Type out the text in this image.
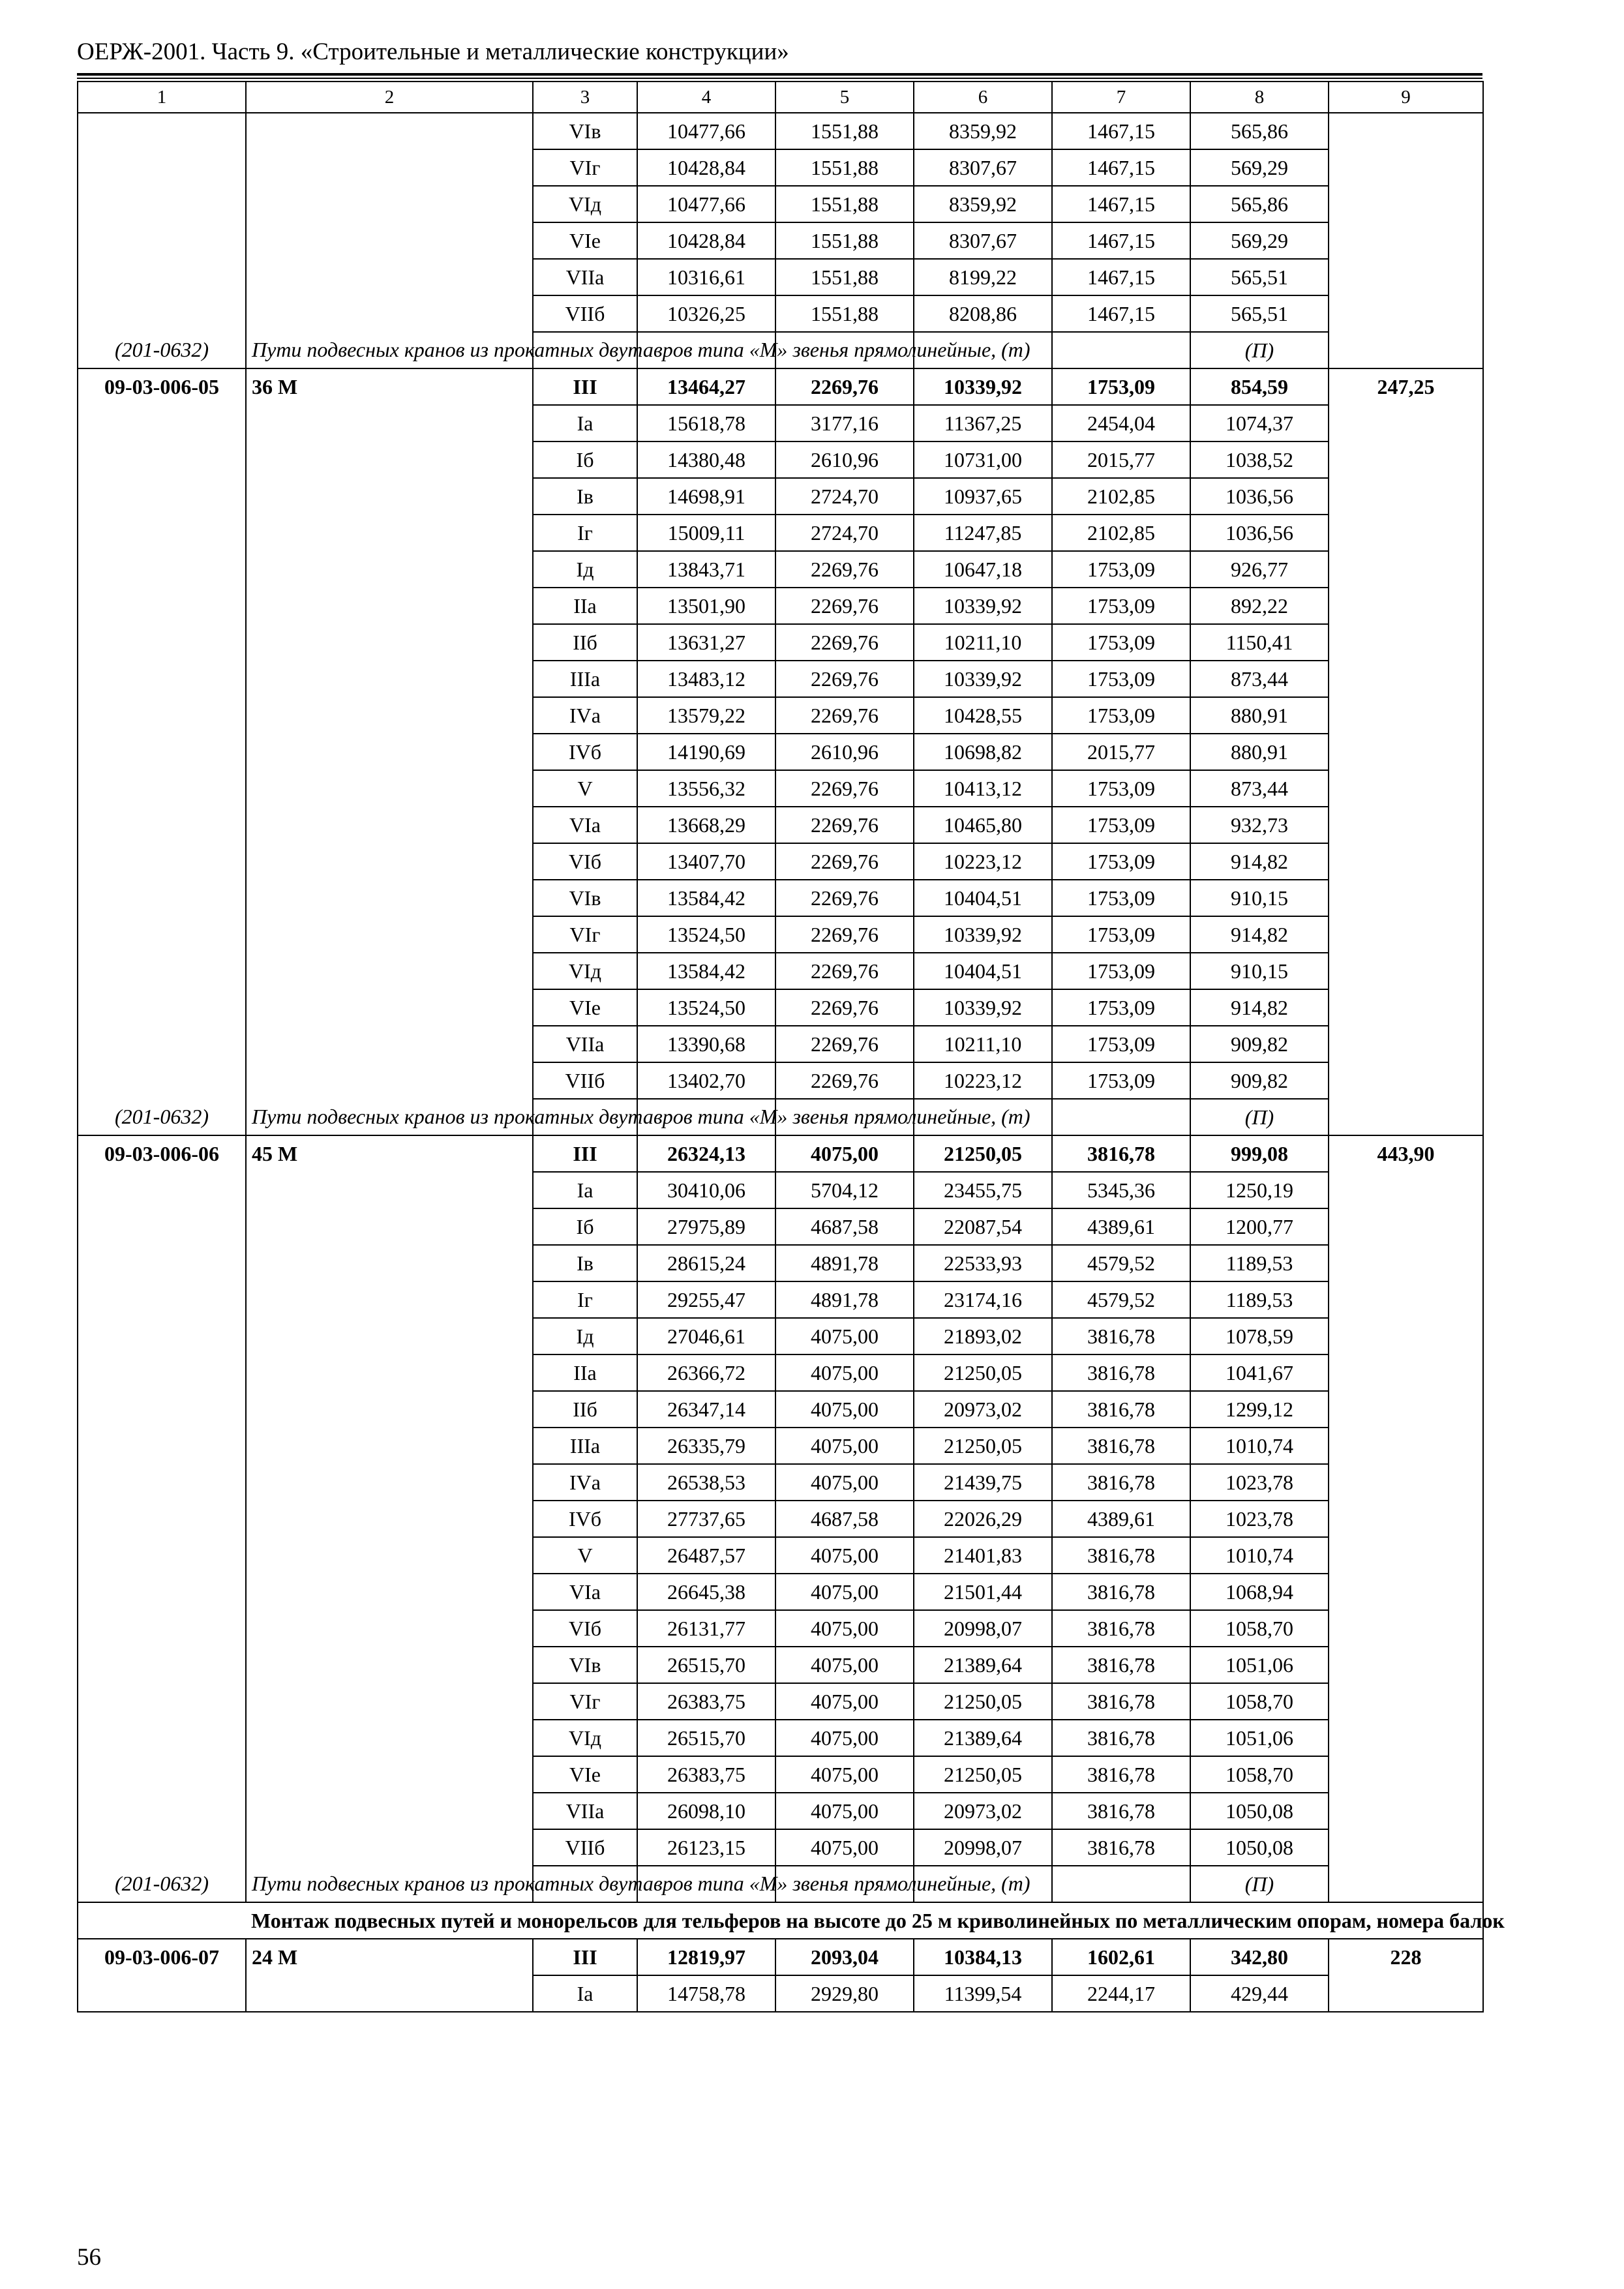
ОЕРЖ-2001. Часть 9. «Строительные и металлические конструкции»
1	2	3	4	5	6	7	8	9
		VIв	10477,66	1551,88	8359,92	1467,15	565,86	
		VIг	10428,84	1551,88	8307,67	1467,15	569,29	
		VIд	10477,66	1551,88	8359,92	1467,15	565,86	
		VIе	10428,84	1551,88	8307,67	1467,15	569,29	
		VIIа	10316,61	1551,88	8199,22	1467,15	565,51	
		VIIб	10326,25	1551,88	8208,86	1467,15	565,51	
(201-0632)	Пути подвесных кранов из прокатных двутавров типа «М» звенья прямолинейные, (т)						(П)	
09-03-006-05	36 М	III	13464,27	2269,76	10339,92	1753,09	854,59	247,25
		Iа	15618,78	3177,16	11367,25	2454,04	1074,37	
		Iб	14380,48	2610,96	10731,00	2015,77	1038,52	
		Iв	14698,91	2724,70	10937,65	2102,85	1036,56	
		Iг	15009,11	2724,70	11247,85	2102,85	1036,56	
		Iд	13843,71	2269,76	10647,18	1753,09	926,77	
		IIа	13501,90	2269,76	10339,92	1753,09	892,22	
		IIб	13631,27	2269,76	10211,10	1753,09	1150,41	
		IIIа	13483,12	2269,76	10339,92	1753,09	873,44	
		IVа	13579,22	2269,76	10428,55	1753,09	880,91	
		IVб	14190,69	2610,96	10698,82	2015,77	880,91	
		V	13556,32	2269,76	10413,12	1753,09	873,44	
		VIа	13668,29	2269,76	10465,80	1753,09	932,73	
		VIб	13407,70	2269,76	10223,12	1753,09	914,82	
		VIв	13584,42	2269,76	10404,51	1753,09	910,15	
		VIг	13524,50	2269,76	10339,92	1753,09	914,82	
		VIд	13584,42	2269,76	10404,51	1753,09	910,15	
		VIе	13524,50	2269,76	10339,92	1753,09	914,82	
		VIIа	13390,68	2269,76	10211,10	1753,09	909,82	
		VIIб	13402,70	2269,76	10223,12	1753,09	909,82	
(201-0632)	Пути подвесных кранов из прокатных двутавров типа «М» звенья прямолинейные, (т)						(П)	
09-03-006-06	45 М	III	26324,13	4075,00	21250,05	3816,78	999,08	443,90
		Iа	30410,06	5704,12	23455,75	5345,36	1250,19	
		Iб	27975,89	4687,58	22087,54	4389,61	1200,77	
		Iв	28615,24	4891,78	22533,93	4579,52	1189,53	
		Iг	29255,47	4891,78	23174,16	4579,52	1189,53	
		Iд	27046,61	4075,00	21893,02	3816,78	1078,59	
		IIа	26366,72	4075,00	21250,05	3816,78	1041,67	
		IIб	26347,14	4075,00	20973,02	3816,78	1299,12	
		IIIа	26335,79	4075,00	21250,05	3816,78	1010,74	
		IVа	26538,53	4075,00	21439,75	3816,78	1023,78	
		IVб	27737,65	4687,58	22026,29	4389,61	1023,78	
		V	26487,57	4075,00	21401,83	3816,78	1010,74	
		VIа	26645,38	4075,00	21501,44	3816,78	1068,94	
		VIб	26131,77	4075,00	20998,07	3816,78	1058,70	
		VIв	26515,70	4075,00	21389,64	3816,78	1051,06	
		VIг	26383,75	4075,00	21250,05	3816,78	1058,70	
		VIд	26515,70	4075,00	21389,64	3816,78	1051,06	
		VIе	26383,75	4075,00	21250,05	3816,78	1058,70	
		VIIа	26098,10	4075,00	20973,02	3816,78	1050,08	
		VIIб	26123,15	4075,00	20998,07	3816,78	1050,08	
(201-0632)	Пути подвесных кранов из прокатных двутавров типа «М» звенья прямолинейные, (т)						(П)	
	Монтаж подвесных путей и монорельсов для тельферов на высоте до 25 м криволинейных по металлическим опорам, номера балок							
09-03-006-07	24 М	III	12819,97	2093,04	10384,13	1602,61	342,80	228
		Iа	14758,78	2929,80	11399,54	2244,17	429,44	
56
